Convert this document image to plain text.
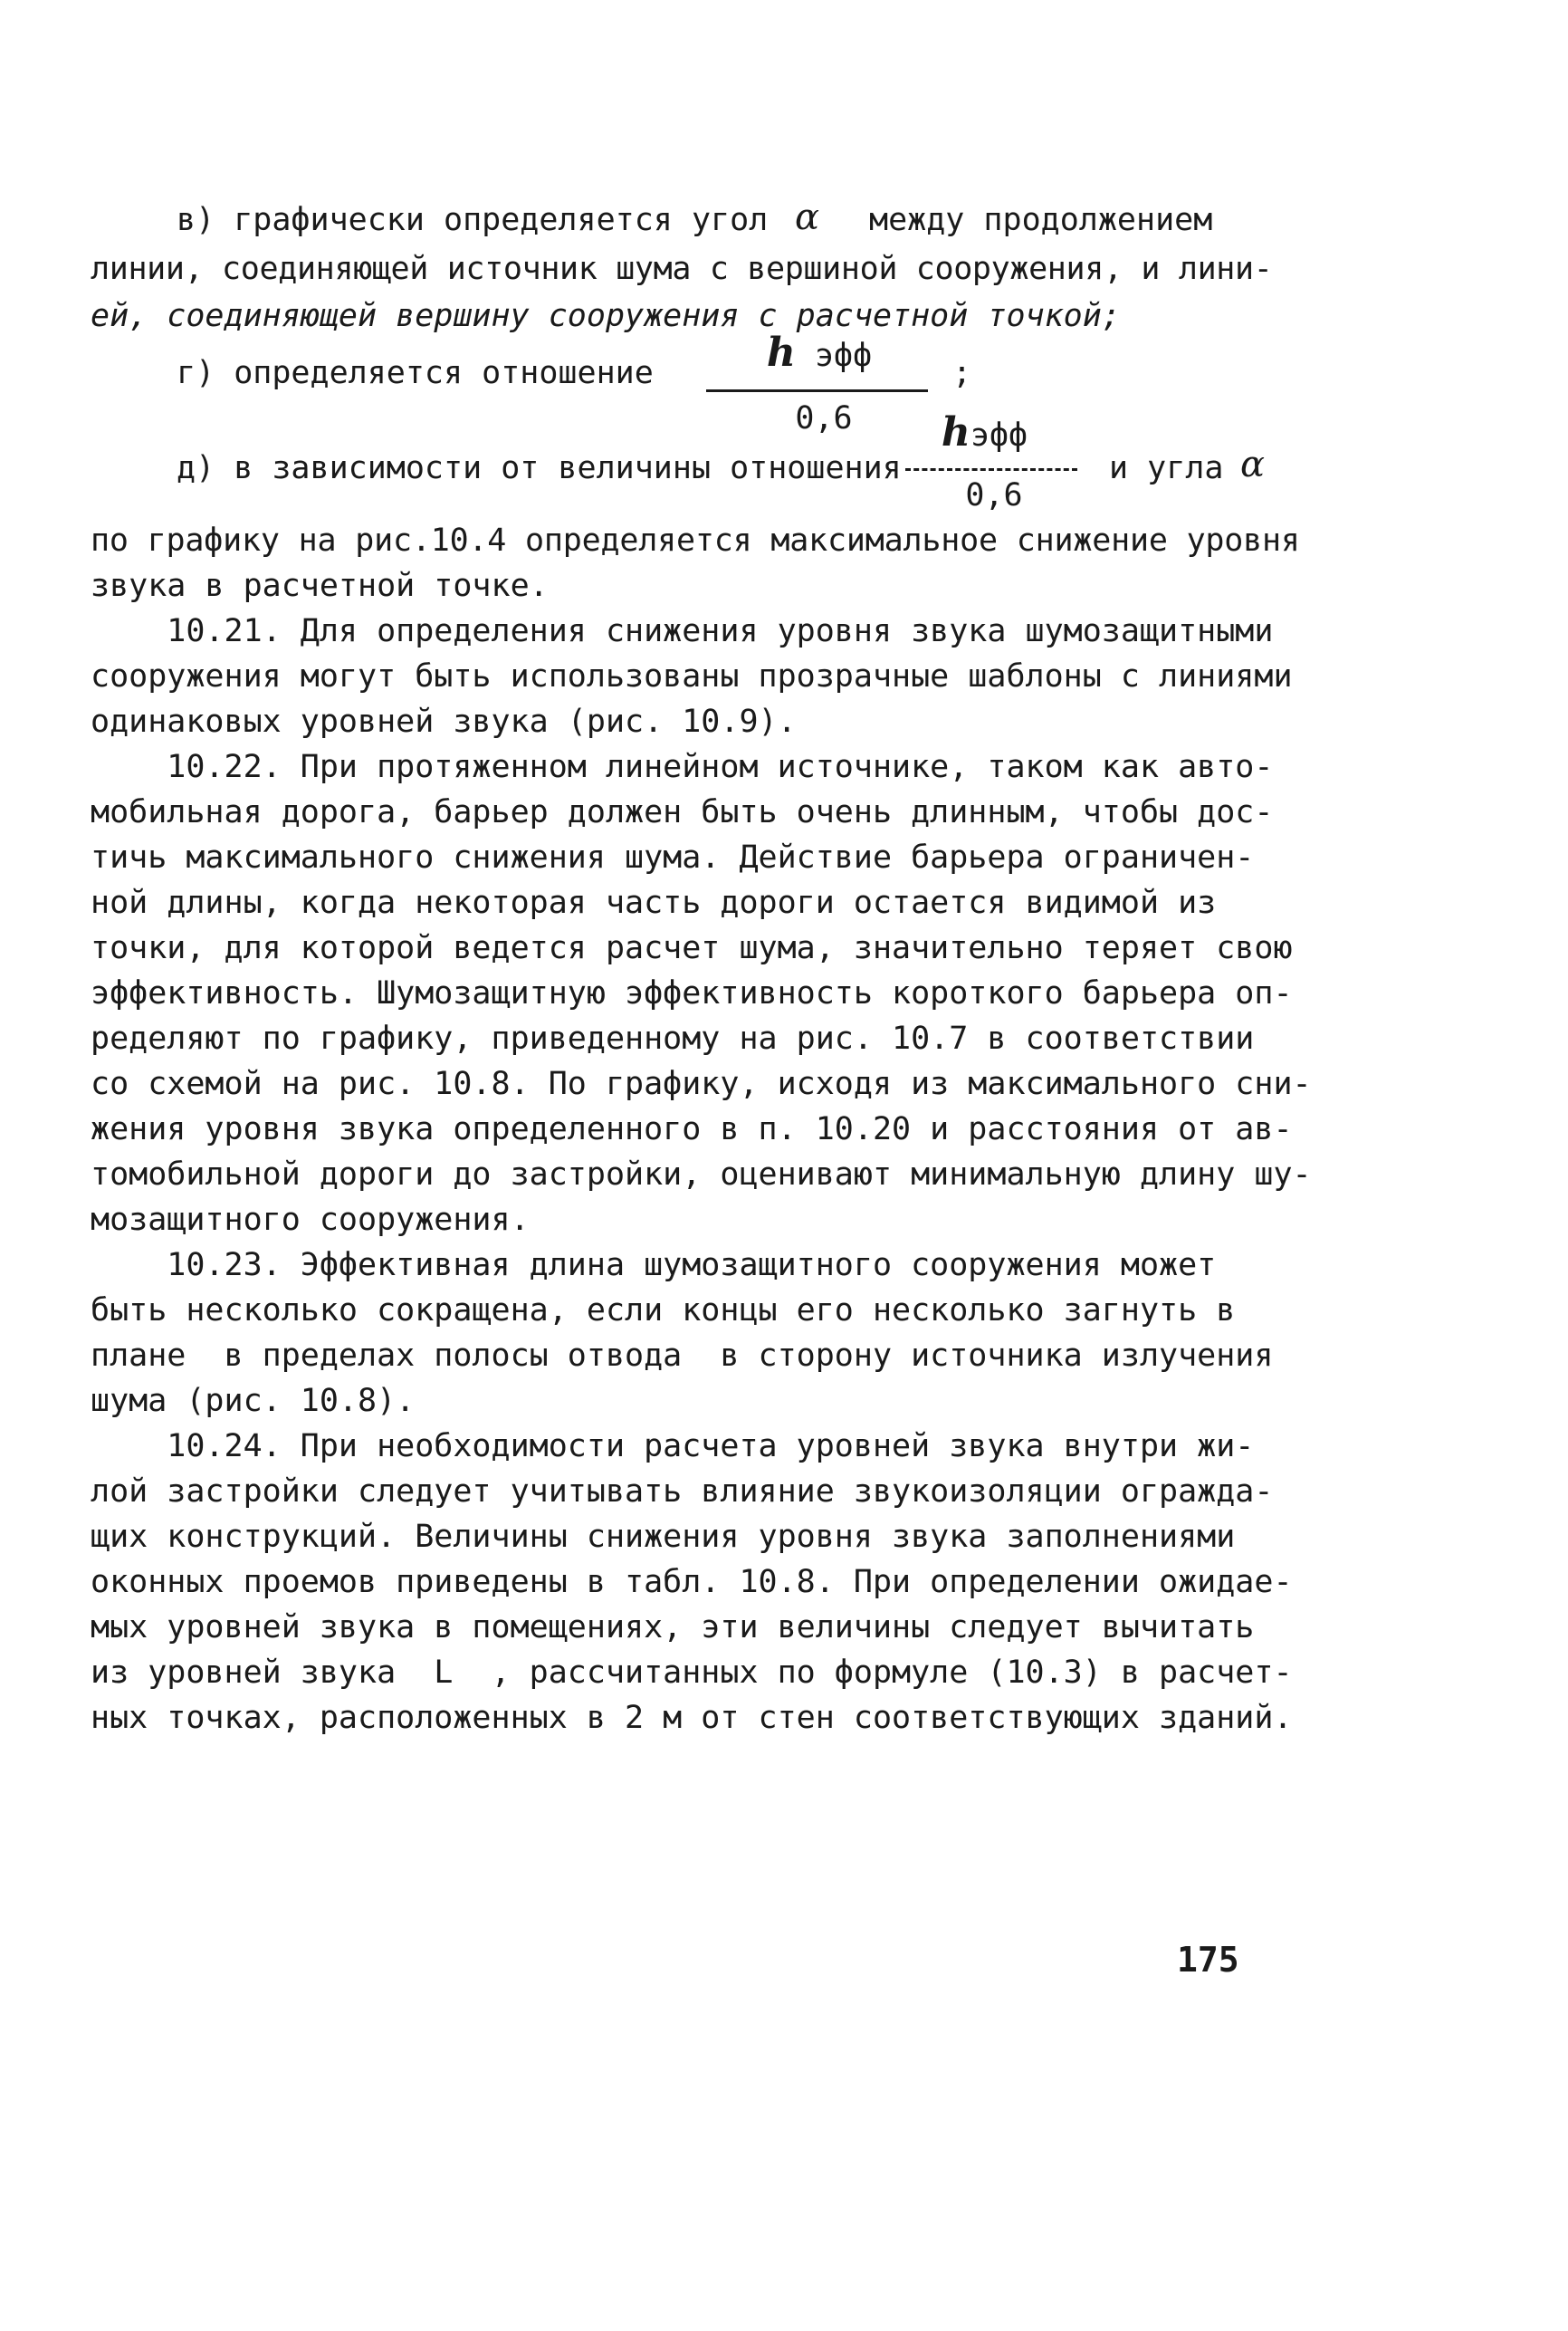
в) графически определяется угол α между продолжением
линии, соединяющей источник шума с вершиной сооружения, и лини-
ей, соединяющей вершину сооружения с расчетной точкой;
г) определяется отношение	h эфф	;
0,6	hэфф
д) в зависимости от величины отношения	и угла α
0,6
по графику на рис.10.4 определяется максимальное снижение уровня
звука в расчетной точке.
10.21. Для определения снижения уровня звука шумозащитными
сооружения могут быть использованы прозрачные шаблоны с линиями
одинаковых уровней звука (рис. 10.9).
10.22. При протяженном линейном источнике, таком как авто-
мобильная дорога, барьер должен быть очень длинным, чтобы дос-
тичь максимального снижения шума. Действие барьера ограничен-
ной длины, когда некоторая часть дороги остается видимой из
точки, для которой ведется расчет шума, значительно теряет свою
эффективность. Шумозащитную эффективность короткого барьера оп-
ределяют по графику, приведенному на рис. 10.7 в соответствии
со схемой на рис. 10.8. По графику, исходя из максимального сни-
жения уровня звука определенного в п. 10.20 и расстояния от ав-
томобильной дороги до застройки, оценивают минимальную длину шу-
мозащитного сооружения.
10.23. Эффективная длина шумозащитного сооружения может
быть несколько сокращена, если концы его несколько загнуть в
плане  в пределах полосы отвода  в сторону источника излучения
шума (рис. 10.8).
10.24. При необходимости расчета уровней звука внутри жи-
лой застройки следует учитывать влияние звукоизоляции огражда-
щих конструкций. Величины снижения уровня звука заполнениями
оконных проемов приведены в табл. 10.8. При определении ожидае-
мых уровней звука в помещениях, эти величины следует вычитать
из уровней звука  L  , рассчитанных по формуле (10.3) в расчет-
ных точках, расположенных в 2 м от стен соответствующих зданий.
175
